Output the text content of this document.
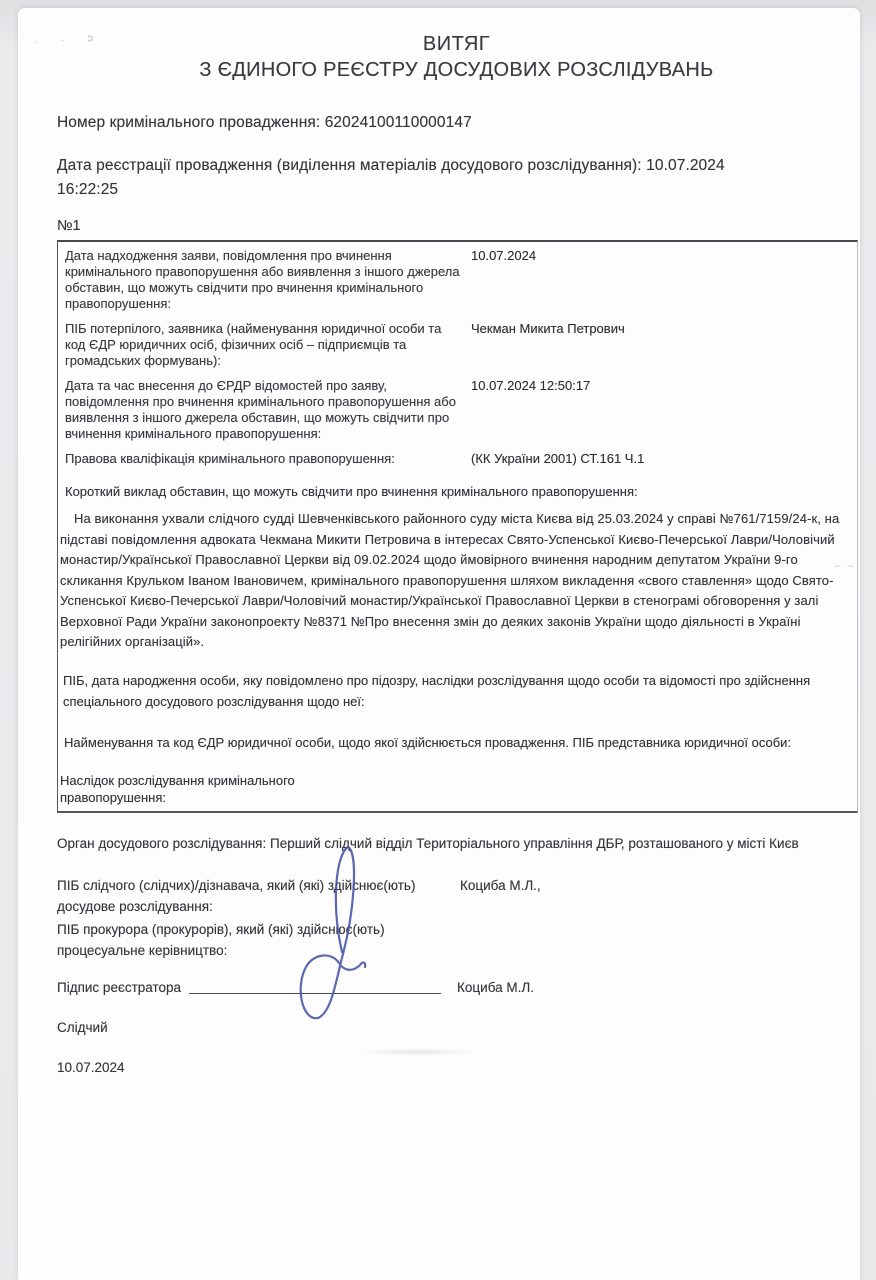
· · ɔ
– –
ВИТЯГ
З ЄДИНОГО РЕЄСТРУ ДОСУДОВИХ РОЗСЛІДУВАНЬ
Номер кримінального провадження: 62024100110000147
Дата реєстрації провадження (виділення матеріалів досудового розслідування): 10.07.2024
16:22:25
№1
Дата надходження заяви, повідомлення про вчинення кримінального правопорушення або виявлення з іншого джерела обставин, що можуть свідчити про вчинення кримінального правопорушення:
10.07.2024
ПІБ потерпілого, заявника (найменування юридичної особи та код ЄДР юридичних осіб, фізичних осіб – підприємців та громадських формувань):
Чекман Микита Петрович
Дата та час внесення до ЄРДР відомостей про заяву, повідомлення про вчинення кримінального правопорушення або виявлення з іншого джерела обставин, що можуть свідчити про вчинення кримінального правопорушення:
10.07.2024 12:50:17
Правова кваліфікація кримінального правопорушення:	(КК України 2001) СТ.161 Ч.1
Короткий виклад обставин, що можуть свідчити про вчинення кримінального правопорушення:
На виконання ухвали слідчого судді Шевченківського районного суду міста Києва від 25.03.2024 у справі №761/7159/24-к, на підставі повідомлення адвоката Чекмана Микити Петровича в інтересах Свято-Успенської Києво-Печерської Лаври/Чоловічий монастир/Української Православної Церкви від 09.02.2024 щодо ймовірного вчинення народним депутатом України 9-го скликання Крульком Іваном Івановичем, кримінального правопорушення шляхом викладення «свого ставлення» щодо Свято-Успенської Києво-Печерської Лаври/Чоловічий монастир/Української Православної Церкви в стенограмі обговорення у залі Верховної Ради України законопроекту №8371 №Про внесення змін до деяких законів України щодо діяльності в Україні релігійних організацій».
ПІБ, дата народження особи, яку повідомлено про підозру, наслідки розслідування щодо особи та відомості про здійснення спеціального досудового розслідування щодо неї:
Найменування та код ЄДР юридичної особи, щодо якої здійснюється провадження. ПІБ представника юридичної особи:
Наслідок розслідування кримінального правопорушення:
Орган досудового розслідування: Перший слідчий відділ Територіального управління ДБР, розташованого у місті Києв
ПІБ слідчого (слідчих)/дізнавача, який (які) здійснює(ють) досудове розслідування:
Коциба М.Л.,
ПІБ прокурора (прокурорів), який (які) здійснює(ють) процесуальне керівництво:
Підпис реєстратора	Коциба М.Л.
Слідчий
10.07.2024
